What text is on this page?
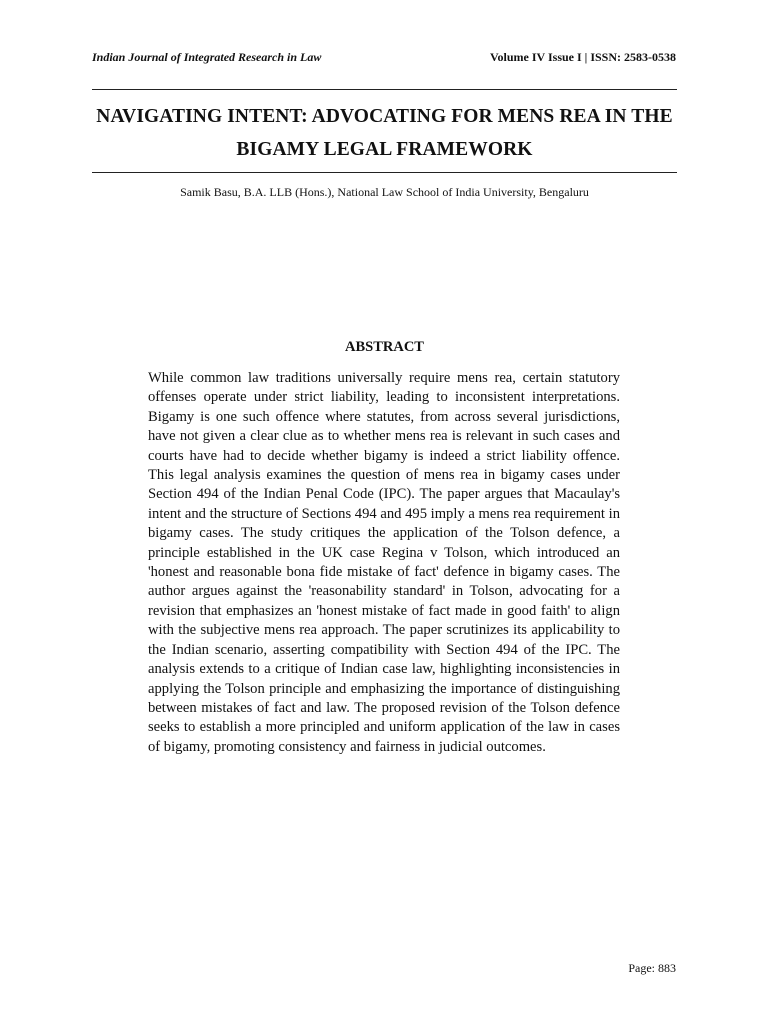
Indian Journal of Integrated Research in Law	Volume IV Issue I | ISSN: 2583-0538
NAVIGATING INTENT: ADVOCATING FOR MENS REA IN THE BIGAMY LEGAL FRAMEWORK
Samik Basu, B.A. LLB (Hons.), National Law School of India University, Bengaluru
ABSTRACT

While common law traditions universally require mens rea, certain statutory offenses operate under strict liability, leading to inconsistent interpretations. Bigamy is one such offence where statutes, from across several jurisdictions, have not given a clear clue as to whether mens rea is relevant in such cases and courts have had to decide whether bigamy is indeed a strict liability offence. This legal analysis examines the question of mens rea in bigamy cases under Section 494 of the Indian Penal Code (IPC). The paper argues that Macaulay's intent and the structure of Sections 494 and 495 imply a mens rea requirement in bigamy cases. The study critiques the application of the Tolson defence, a principle established in the UK case Regina v Tolson, which introduced an 'honest and reasonable bona fide mistake of fact' defence in bigamy cases. The author argues against the 'reasonability standard' in Tolson, advocating for a revision that emphasizes an 'honest mistake of fact made in good faith' to align with the subjective mens rea approach. The paper scrutinizes its applicability to the Indian scenario, asserting compatibility with Section 494 of the IPC. The analysis extends to a critique of Indian case law, highlighting inconsistencies in applying the Tolson principle and emphasizing the importance of distinguishing between mistakes of fact and law. The proposed revision of the Tolson defence seeks to establish a more principled and uniform application of the law in cases of bigamy, promoting consistency and fairness in judicial outcomes.

Page: 883
